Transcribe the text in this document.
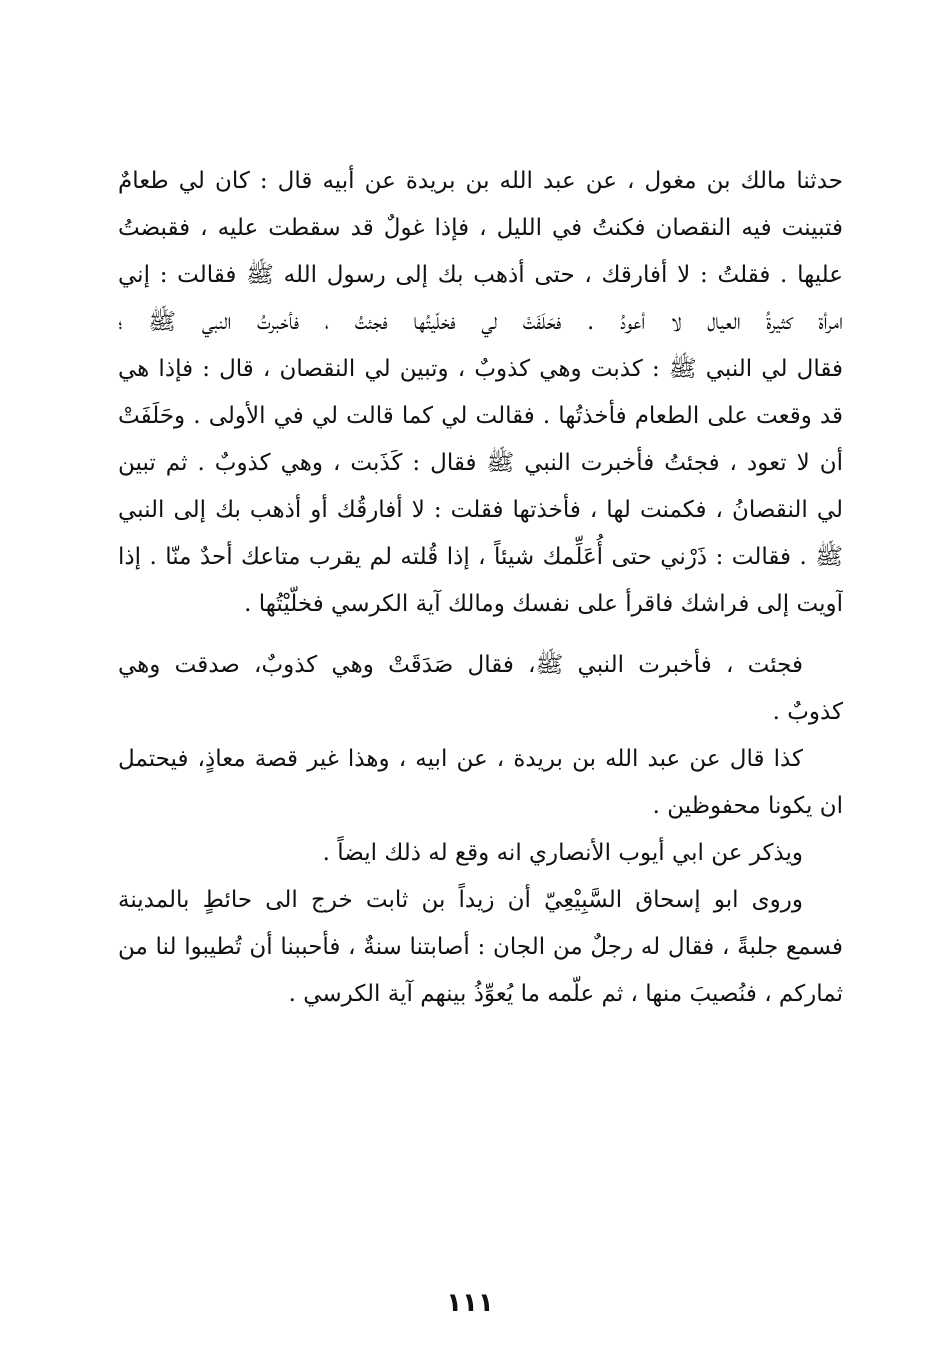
حدثنا مالك بن مغول ، عن عبد الله بن بريدة عن أبيه قال : كان لي طعامٌ
فتبينت فيه النقصان فكنتُ في الليل ، فإذا غولٌ قد سقطت عليه ، فقبضتُ
عليها . فقلتُ : لا أفارقك ، حتى أذهب بك إلى رسول الله ﷺ فقالت : إني
امرأة كثيرةُ العيال لا أعودُ . فحَلَفَتْ لي فخلّيتُها فجئتُ ، فأخبرتُ النبي ﷺ ؛
فقال لي النبي ﷺ : كذبت وهي كذوبٌ ، وتبين لي النقصان ، قال : فإذا هي
قد وقعت على الطعام فأخذتُها . فقالت لي كما قالت لي في الأولى . وحَلَفَتْ
أن لا تعود ، فجئتُ فأخبرت النبي ﷺ فقال : كَذَبت ، وهي كذوبٌ . ثم تبين
لي النقصانُ ، فكمنت لها ، فأخذتها فقلت : لا أفارقُك أو أذهب بك إلى النبي
ﷺ . فقالت : ذَرْني حتى أُعَلِّمك شيئاً ، إذا قُلته لم يقرب متاعك أحدٌ منّا . إذا
آويت إلى فراشك فاقرأ على نفسك ومالك آية الكرسي فخلّيْتُها .
فجئت ، فأخبرت النبي ﷺ، فقال صَدَقَتْ وهي كذوبٌ، صدقت وهي
كذوبٌ .
كذا قال عن عبد الله بن بريدة ، عن ابيه ، وهذا غير قصة معاذٍ، فيحتمل
ان يكونا محفوظين .
ويذكر عن ابي أيوب الأنصاري انه وقع له ذلك ايضاً .
وروى ابو إسحاق السَّبِيْعِيّ أن زيداً بن ثابت خرج الى حائطٍ بالمدينة
فسمع جلبةً ، فقال له رجلٌ من الجان : أصابتنا سنةٌ ، فأحببنا أن تُطيبوا لنا من
ثماركم ، فنُصيبَ منها ، ثم علّمه ما يُعوِّذُ بينهم آية الكرسي .
١١١
